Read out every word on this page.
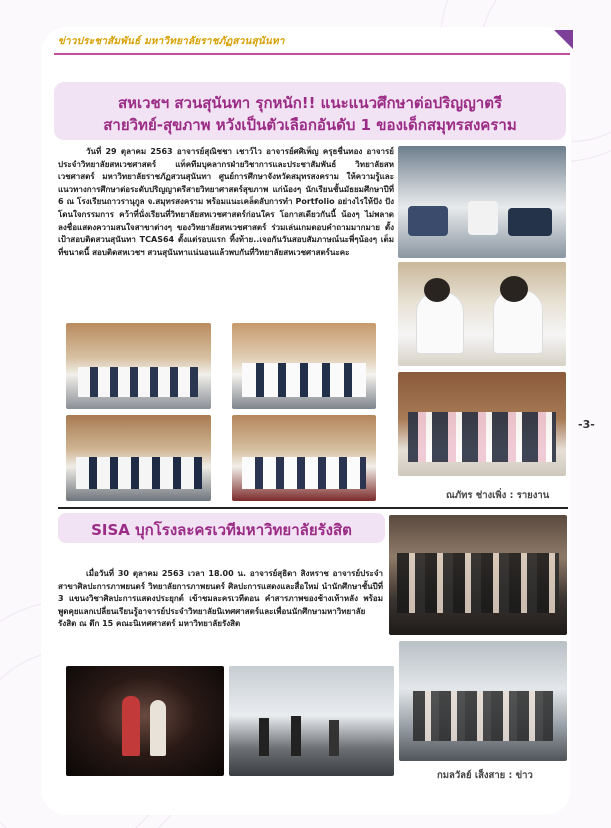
ข่าวประชาสัมพันธ์ มหาวิทยาลัยราชภัฏสวนสุนันทา
สหเวชฯ สวนสุนันทา รุกหนัก!! แนะแนวศึกษาต่อปริญญาตรี
สายวิทย์-สุขภาพ หวังเป็นตัวเลือกอันดับ 1 ของเด็กสมุทรสงคราม
วันที่ 29 ตุลาคม 2563 อาจารย์สุณิชชา เชาว์ไว อาจารย์ศศิเพ็ญ ครุธชื่นทอง อาจารย์ประจำวิทยาลัยสหเวชศาสตร์ แท็คทีมบุคลากรฝ่ายวิชาการและประชาสัมพันธ์ วิทยาลัยสหเวชศาสตร์ มหาวิทยาลัยราชภัฏสวนสุนันทา ศูนย์การศึกษาจังหวัดสมุทรสงคราม ให้ความรู้และแนวทางการศึกษาต่อระดับปริญญาตรีสายวิทยาศาสตร์สุขภาพ แก่น้องๆ นักเรียนชั้นมัธยมศึกษาปีที่ 6 ณ โรงเรียนถาวรานุกูล จ.สมุทรสงคราม พร้อมแนะเคล็ดลับการทำ Portfolio อย่างไรให้ปัง ปัง โดนใจกรรมการ คว้าที่นั่งเรียนที่วิทยาลัยสหเวชศาสตร์ก่อนใคร โอกาสเดียวกันนี้ น้องๆ ไม่พลาดลงชื่อแสดงความสนใจสาขาต่างๆ ของวิทยาลัยสหเวชศาสตร์ ร่วมเล่นเกมตอบคำถามมากมาย ตั้งเป้าสอบติดสวนสุนันทา TCAS64 ตั้งแต่รอบแรก ทิ้งท้าย..เจอกันวันสอบสัมภาษณ์นะพี่ๆน้องๆ เต็มที่ขนาดนี้ สอบติดสหเวชฯ สวนสุนันทาแน่นอนแล้วพบกันที่วิทยาลัยสหเวชศาสตร์นะคะ
ณภัทร ช่างเพิ่ง : รายงาน
-3-
SISA บุกโรงละครเวทีมหาวิทยาลัยรังสิต
เมื่อวันที่ 30 ตุลาคม 2563 เวลา 18.00 น. อาจารย์สุธิดา สิงหราช อาจารย์ประจำสาขาศิลปะการภาพยนตร์ วิทยาลัยการภาพยนตร์ ศิลปะการแสดงและสื่อใหม่ นำนักศึกษาชั้นปีที่ 3 แขนงวิชาศิลปะการแสดงประยุกต์ เข้าชมละครเวทีตอน คำสารภาพของช้างเท้าหลัง พร้อมพูดคุยแลกเปลี่ยนเรียนรู้อาจารย์ประจำวิทยาลัยนิเทศศาสตร์และเพื่อนนักศึกษามหาวิทยาลัยรังสิต ณ ตึก 15 คณะนิเทศศาสตร์ มหาวิทยาลัยรังสิต
กมลวัลย์ เส็งสาย : ข่าว
